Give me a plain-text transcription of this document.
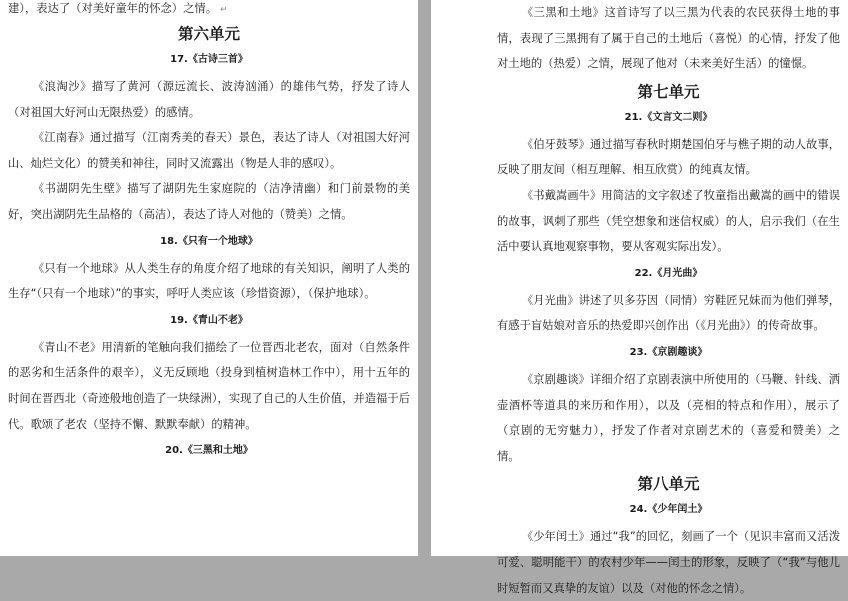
建），表达了（对美好童年的怀念）之情。 ↵
第六单元
17.《古诗三首》

《浪淘沙》描写了黄河（源远流长、波涛汹涌）的雄伟气势，抒发了诗人（对祖国大好河山无限热爱）的感情。

《江南春》通过描写（江南秀美的春天）景色，表达了诗人（对祖国大好河山、灿烂文化）的赞美和神往，同时又流露出（物是人非的感叹）。

《书湖阴先生壁》描写了湖阴先生家庭院的（洁净清幽）和门前景物的美好，突出湖阴先生品格的（高洁），表达了诗人对他的（赞美）之情。

18.《只有一个地球》

《只有一个地球》从人类生存的角度介绍了地球的有关知识，阐明了人类的生存“（只有一个地球）”的事实，呼吁人类应该（珍惜资源），（保护地球）。

19.《青山不老》

《青山不老》用清新的笔触向我们描绘了一位晋西北老农，面对（自然条件的恶劣和生活条件的艰辛），义无反顾地（投身到植树造林工作中），用十五年的时间在晋西北（奇迹般地创造了一块绿洲），实现了自己的人生价值，并造福于后代。歌颂了老农（坚持不懈、默默奉献）的精神。

20.《三黑和土地》

《三黑和土地》这首诗写了以三黑为代表的农民获得土地的事情，表现了三黑拥有了属于自己的土地后（喜悦）的心情，抒发了他对土地的（热爱）之情，展现了他对（未来美好生活）的憧憬。

第七单元
21.《文言文二则》

《伯牙鼓琴》通过描写春秋时期楚国伯牙与樵子期的动人故事，反映了朋友间（相互理解、相互欣赏）的纯真友情。

《书戴嵩画牛》用简洁的文字叙述了牧童指出戴嵩的画中的错误的故事，讽刺了那些（凭空想象和迷信权威）的人，启示我们（在生活中要认真地观察事物，要从客观实际出发）。

22.《月光曲》

《月光曲》讲述了贝多芬因（同情）穷鞋匠兄妹而为他们弹琴，有感于盲姑娘对音乐的热爱即兴创作出（《月光曲》）的传奇故事。

23.《京剧趣谈》

《京剧趣谈》详细介绍了京剧表演中所使用的（马鞭、针线、洒壶酒杯等道具的来历和作用），以及（亮相的特点和作用），展示了（京剧的无穷魅力），抒发了作者对京剧艺术的（喜爱和赞美）之情。

第八单元
24.《少年闰土》

《少年闰土》通过“我”的回忆，刻画了一个（见识丰富而又活泼可爱、聪明能干）的农村少年——闰土的形象，反映了（“我”与他儿时短暂而又真挚的友谊）以及（对他的怀念之情）。
